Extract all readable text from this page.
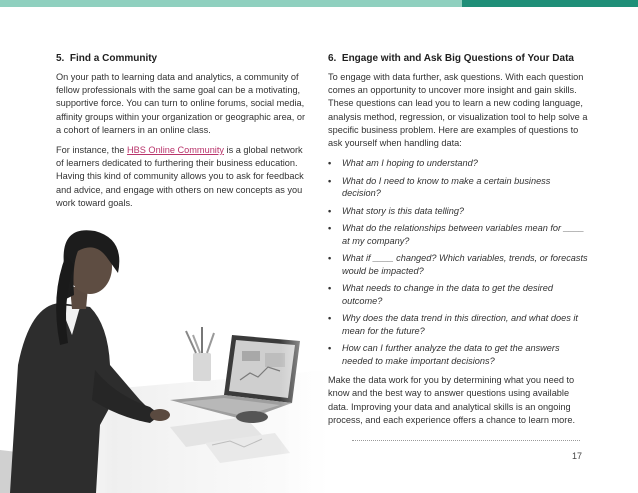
5.  Find a Community

On your path to learning data and analytics, a community of fellow professionals with the same goal can be a motivating, supportive force. You can turn to online forums, social media, affinity groups within your organization or geographic area, or a cohort of learners in an online class.

For instance, the HBS Online Community is a global network of learners dedicated to furthering their business education. Having this kind of community allows you to ask for feedback and advice, and engage with others on new concepts as you work toward goals.

6.  Engage with and Ask Big Questions of Your Data

To engage with data further, ask questions. With each question comes an opportunity to uncover more insight and gain skills. These questions can lead you to learn a new coding language, analysis method, regression, or visualization tool to help solve a specific business problem. Here are examples of questions to ask yourself when handling data:

• What am I hoping to understand?
• What do I need to know to make a certain business decision?
• What story is this data telling?
• What do the relationships between variables mean for ____ at my company?
• What if ____ changed? Which variables, trends, or forecasts would be impacted?
• What needs to change in the data to get the desired outcome?
• Why does the data trend in this direction, and what does it mean for the future?
• How can I further analyze the data to get the answers needed to make important decisions?

Make the data work for you by determining what you need to know and the best way to answer questions using available data. Improving your data and analytical skills is an ongoing process, and each experience offers a chance to learn more.

17
